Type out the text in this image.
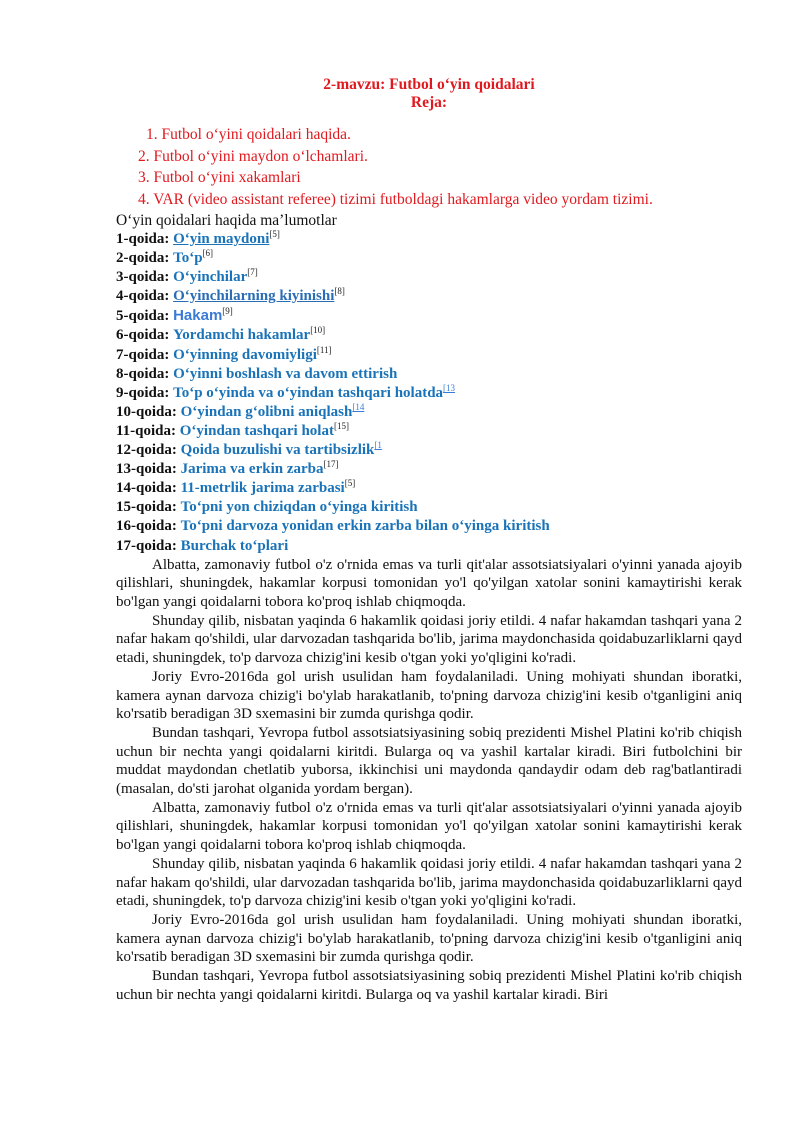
2-mavzu: Futbol o‘yin qoidalari
Reja:
1. Futbol o‘yini qoidalari haqida.
2. Futbol o‘yini maydon o‘lchamlari.
3. Futbol o‘yini xakamlari
4. VAR (video assistant referee) tizimi futboldagi hakamlarga video yordam tizimi.
O‘yin qoidalari haqida ma’lumotlar
1-qoida: O‘yin maydoni[5]
2-qoida: To‘p[6]
3-qoida: O‘yinchilar[7]
4-qoida: O‘yinchilarning kiyinishi[8]
5-qoida: Hakam[9]
6-qoida: Yordamchi hakamlar[10]
7-qoida: O‘yinning davomiyligi[11]
8-qoida: O‘yinni boshlash va davom ettirish
9-qoida: To‘p o‘yinda va o‘yindan tashqari holatda$^{[13}$
10-qoida: O‘yindan g‘olibni aniqlash$^{[14}$
11-qoida: O‘yindan tashqari holat[15]
12-qoida: Qoida buzulishi va tartibsizlik$^{[1}$
13-qoida: Jarima va erkin zarba[17]
14-qoida: 11-metrlik jarima zarbasi[5]
15-qoida: To‘pni yon chiziqdan o‘yinga kiritish
16-qoida: To‘pni darvoza yonidan erkin zarba bilan o‘yinga kiritish
17-qoida: Burchak to‘plari
Albatta, zamonaviy futbol o'z o'rnida emas va turli qit'alar assotsiatsiyalari o'yinni yanada ajoyib qilishlari, shuningdek, hakamlar korpusi tomonidan yo'l qo'yilgan xatolar sonini kamaytirishi kerak bo'lgan yangi qoidalarni tobora ko'proq ishlab chiqmoqda.
Shunday qilib, nisbatan yaqinda 6 hakamlik qoidasi joriy etildi. 4 nafar hakamdan tashqari yana 2 nafar hakam qo'shildi, ular darvozadan tashqarida bo'lib, jarima maydonchasida qoidabuzarliklarni qayd etadi, shuningdek, to'p darvoza chizig'ini kesib o'tgan yoki yo'qligini ko'radi.
Joriy Evro-2016da gol urish usulidan ham foydalaniladi. Uning mohiyati shundan iboratki, kamera aynan darvoza chizig'i bo'ylab harakatlanib, to'pning darvoza chizig'ini kesib o'tganligini aniq ko'rsatib beradigan 3D sxemasini bir zumda qurishga qodir.
Bundan tashqari, Yevropa futbol assotsiatsiyasining sobiq prezidenti Mishel Platini ko'rib chiqish uchun bir nechta yangi qoidalarni kiritdi. Bularga oq va yashil kartalar kiradi. Biri futbolchini bir muddat maydondan chetlatib yuborsa, ikkinchisi uni maydonda qandaydir odam deb rag'batlantiradi (masalan, do'sti jarohat olganida yordam bergan).
Albatta, zamonaviy futbol o'z o'rnida emas va turli qit'alar assotsiatsiyalari o'yinni yanada ajoyib qilishlari, shuningdek, hakamlar korpusi tomonidan yo'l qo'yilgan xatolar sonini kamaytirishi kerak bo'lgan yangi qoidalarni tobora ko'proq ishlab chiqmoqda.
Shunday qilib, nisbatan yaqinda 6 hakamlik qoidasi joriy etildi. 4 nafar hakamdan tashqari yana 2 nafar hakam qo'shildi, ular darvozadan tashqarida bo'lib, jarima maydonchasida qoidabuzarliklarni qayd etadi, shuningdek, to'p darvoza chizig'ini kesib o'tgan yoki yo'qligini ko'radi.
Joriy Evro-2016da gol urish usulidan ham foydalaniladi. Uning mohiyati shundan iboratki, kamera aynan darvoza chizig'i bo'ylab harakatlanib, to'pning darvoza chizig'ini kesib o'tganligini aniq ko'rsatib beradigan 3D sxemasini bir zumda qurishga qodir.
Bundan tashqari, Yevropa futbol assotsiatsiyasining sobiq prezidenti Mishel Platini ko'rib chiqish uchun bir nechta yangi qoidalarni kiritdi. Bularga oq va yashil kartalar kiradi. Biri
